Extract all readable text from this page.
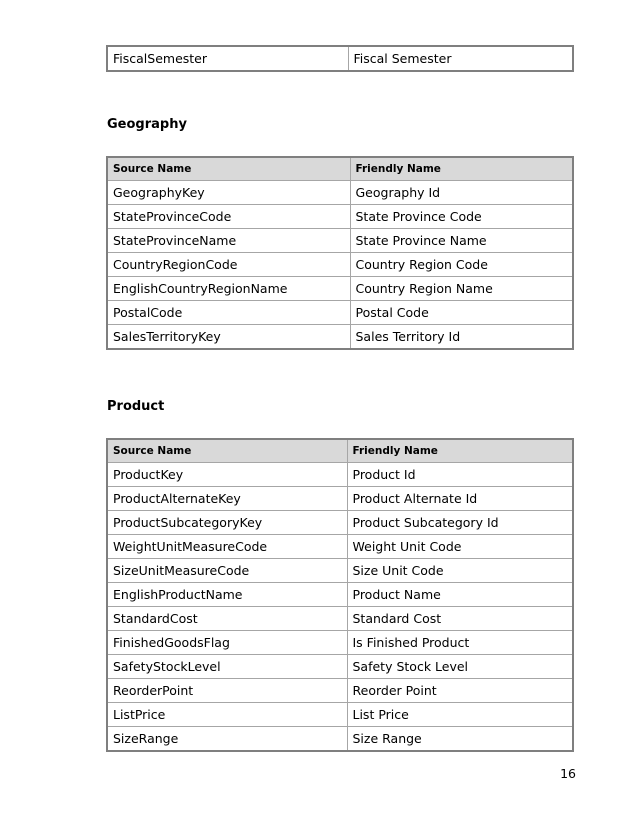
FiscalSemester	Fiscal Semester
Geography
Source Name	Friendly Name
GeographyKey	Geography Id
StateProvinceCode	State Province Code
StateProvinceName	State Province Name
CountryRegionCode	Country Region Code
EnglishCountryRegionName	Country Region Name
PostalCode	Postal Code
SalesTerritoryKey	Sales Territory Id
Product
Source Name	Friendly Name
ProductKey	Product Id
ProductAlternateKey	Product Alternate Id
ProductSubcategoryKey	Product Subcategory Id
WeightUnitMeasureCode	Weight Unit Code
SizeUnitMeasureCode	Size Unit Code
EnglishProductName	Product Name
StandardCost	Standard Cost
FinishedGoodsFlag	Is Finished Product
SafetyStockLevel	Safety Stock Level
ReorderPoint	Reorder Point
ListPrice	List Price
SizeRange	Size Range
16
